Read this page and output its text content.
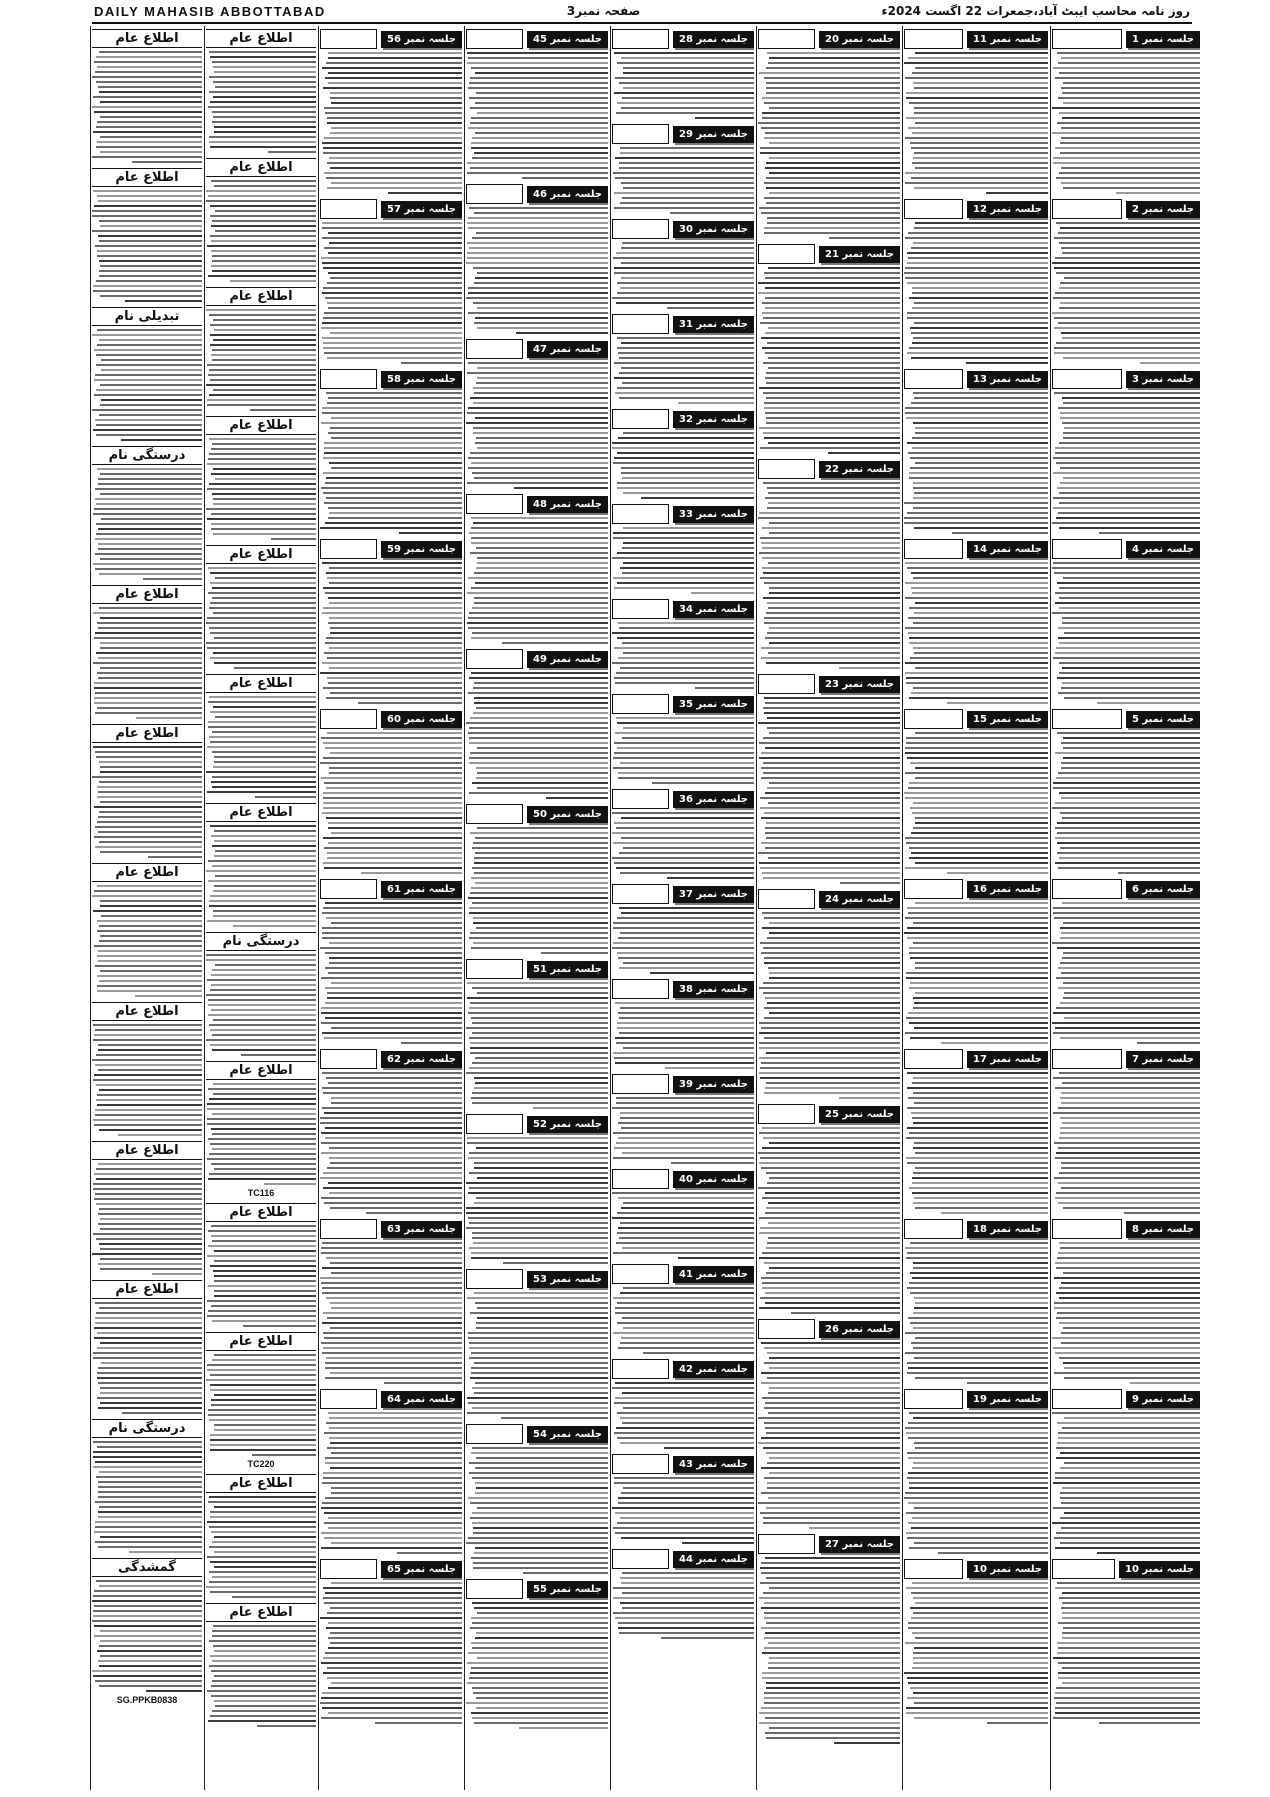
DAILY MAHASIB ABBOTTABAD	صفحہ نمبر3	روز نامہ محاسب ایبٹ آباد،جمعرات 22 اگست 2024ء
جلسہ نمبر 1
جلسہ نمبر 2
جلسہ نمبر 3
جلسہ نمبر 4
جلسہ نمبر 5
جلسہ نمبر 6
جلسہ نمبر 7
جلسہ نمبر 8
جلسہ نمبر 9
جلسہ نمبر 10
جلسہ نمبر 11
جلسہ نمبر 12
جلسہ نمبر 13
جلسہ نمبر 14
جلسہ نمبر 15
جلسہ نمبر 16
جلسہ نمبر 17
جلسہ نمبر 18
جلسہ نمبر 19
جلسہ نمبر 10
جلسہ نمبر 20
جلسہ نمبر 21
جلسہ نمبر 22
جلسہ نمبر 23
جلسہ نمبر 24
جلسہ نمبر 25
جلسہ نمبر 26
جلسہ نمبر 27
جلسہ نمبر 28
جلسہ نمبر 29
جلسہ نمبر 30
جلسہ نمبر 31
جلسہ نمبر 32
جلسہ نمبر 33
جلسہ نمبر 34
جلسہ نمبر 35
جلسہ نمبر 36
جلسہ نمبر 37
جلسہ نمبر 38
جلسہ نمبر 39
جلسہ نمبر 40
جلسہ نمبر 41
جلسہ نمبر 42
جلسہ نمبر 43
جلسہ نمبر 44
جلسہ نمبر 45
جلسہ نمبر 46
جلسہ نمبر 47
جلسہ نمبر 48
جلسہ نمبر 49
جلسہ نمبر 50
جلسہ نمبر 51
جلسہ نمبر 52
جلسہ نمبر 53
جلسہ نمبر 54
جلسہ نمبر 55
جلسہ نمبر 56
جلسہ نمبر 57
جلسہ نمبر 58
جلسہ نمبر 59
جلسہ نمبر 60
جلسہ نمبر 61
جلسہ نمبر 62
جلسہ نمبر 63
جلسہ نمبر 64
جلسہ نمبر 65
اطلاع عام
اطلاع عام
اطلاع عام
اطلاع عام
اطلاع عام
اطلاع عام
اطلاع عام
درستگی نام
اطلاع عام
TC116
اطلاع عام
اطلاع عام
TC220
اطلاع عام
اطلاع عام
اطلاع عام
اطلاع عام
تبدیلی نام
درستگی نام
اطلاع عام
اطلاع عام
اطلاع عام
اطلاع عام
اطلاع عام
اطلاع عام
درستگی نام
گمشدگی
SG.PPKB0838
